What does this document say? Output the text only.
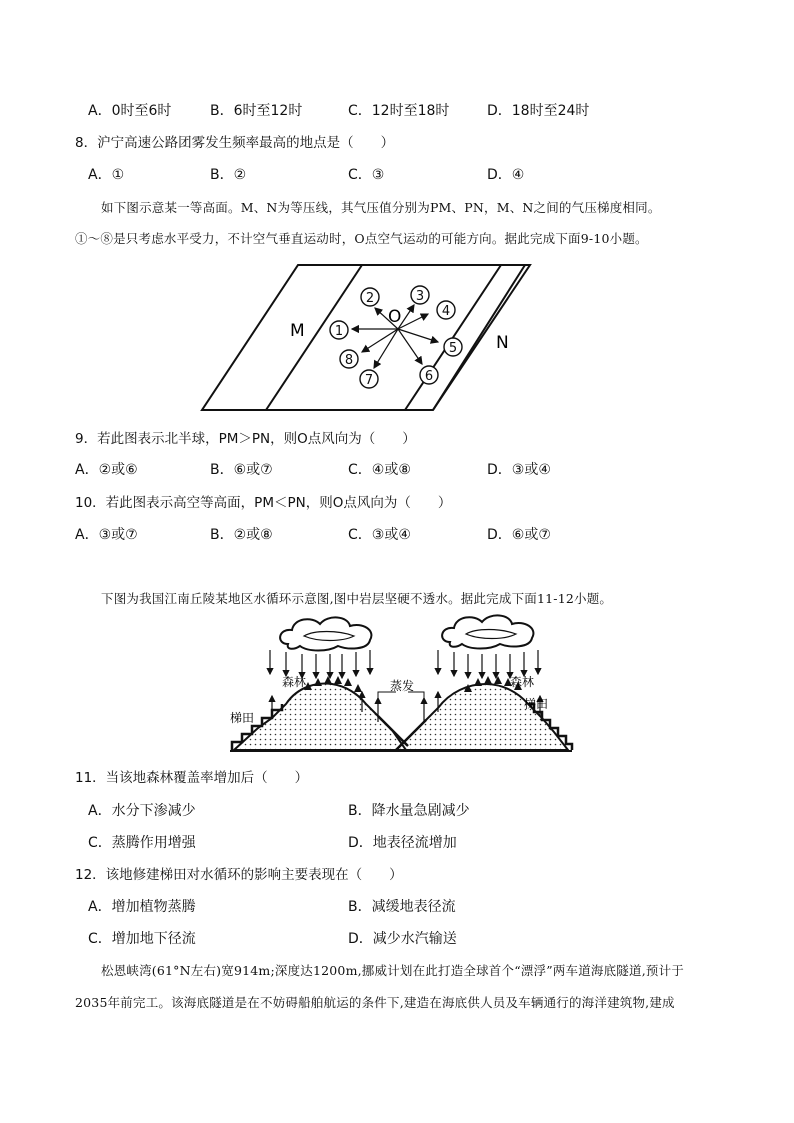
A．0时至6时	B．6时至12时	C．12时至18时	D．18时至24时
8．沪宁高速公路团雾发生频率最高的地点是（　　）
A．①	B．②	C．③	D．④
如下图示意某一等高面。M、N为等压线，其气压值分别为PM、PN，M、N之间的气压梯度相同。
①～⑧是只考虑水平受力，不计空气垂直运动时，O点空气运动的可能方向。据此完成下面9-10小题。
M
N
O
1
2	3
4
5
6
7
8
9．若此图表示北半球，PM＞PN，则O点风向为（　　）
A．②或⑥	B．⑥或⑦	C．④或⑧	D．③或④
10．若此图表示高空等高面，PM＜PN，则O点风向为（　　）
A．③或⑦	B．②或⑧	C．③或④	D．⑥或⑦
下图为我国江南丘陵某地区水循环示意图,图中岩层坚硬不透水。据此完成下面11-12小题。
蒸发
森林	森林
梯田
梯田
11．当该地森林覆盖率增加后（　　）
A．水分下渗减少	B．降水量急剧减少
C．蒸腾作用增强	D．地表径流增加
12．该地修建梯田对水循环的影响主要表现在（　　）
A．增加植物蒸腾	B．减缓地表径流
C．增加地下径流	D．减少水汽输送
松恩峡湾(61°N左右)宽914m;深度达1200m,挪威计划在此打造全球首个“漂浮”两车道海底隧道,预计于
2035年前完工。该海底隧道是在不妨碍船舶航运的条件下,建造在海底供人员及车辆通行的海洋建筑物,建成
